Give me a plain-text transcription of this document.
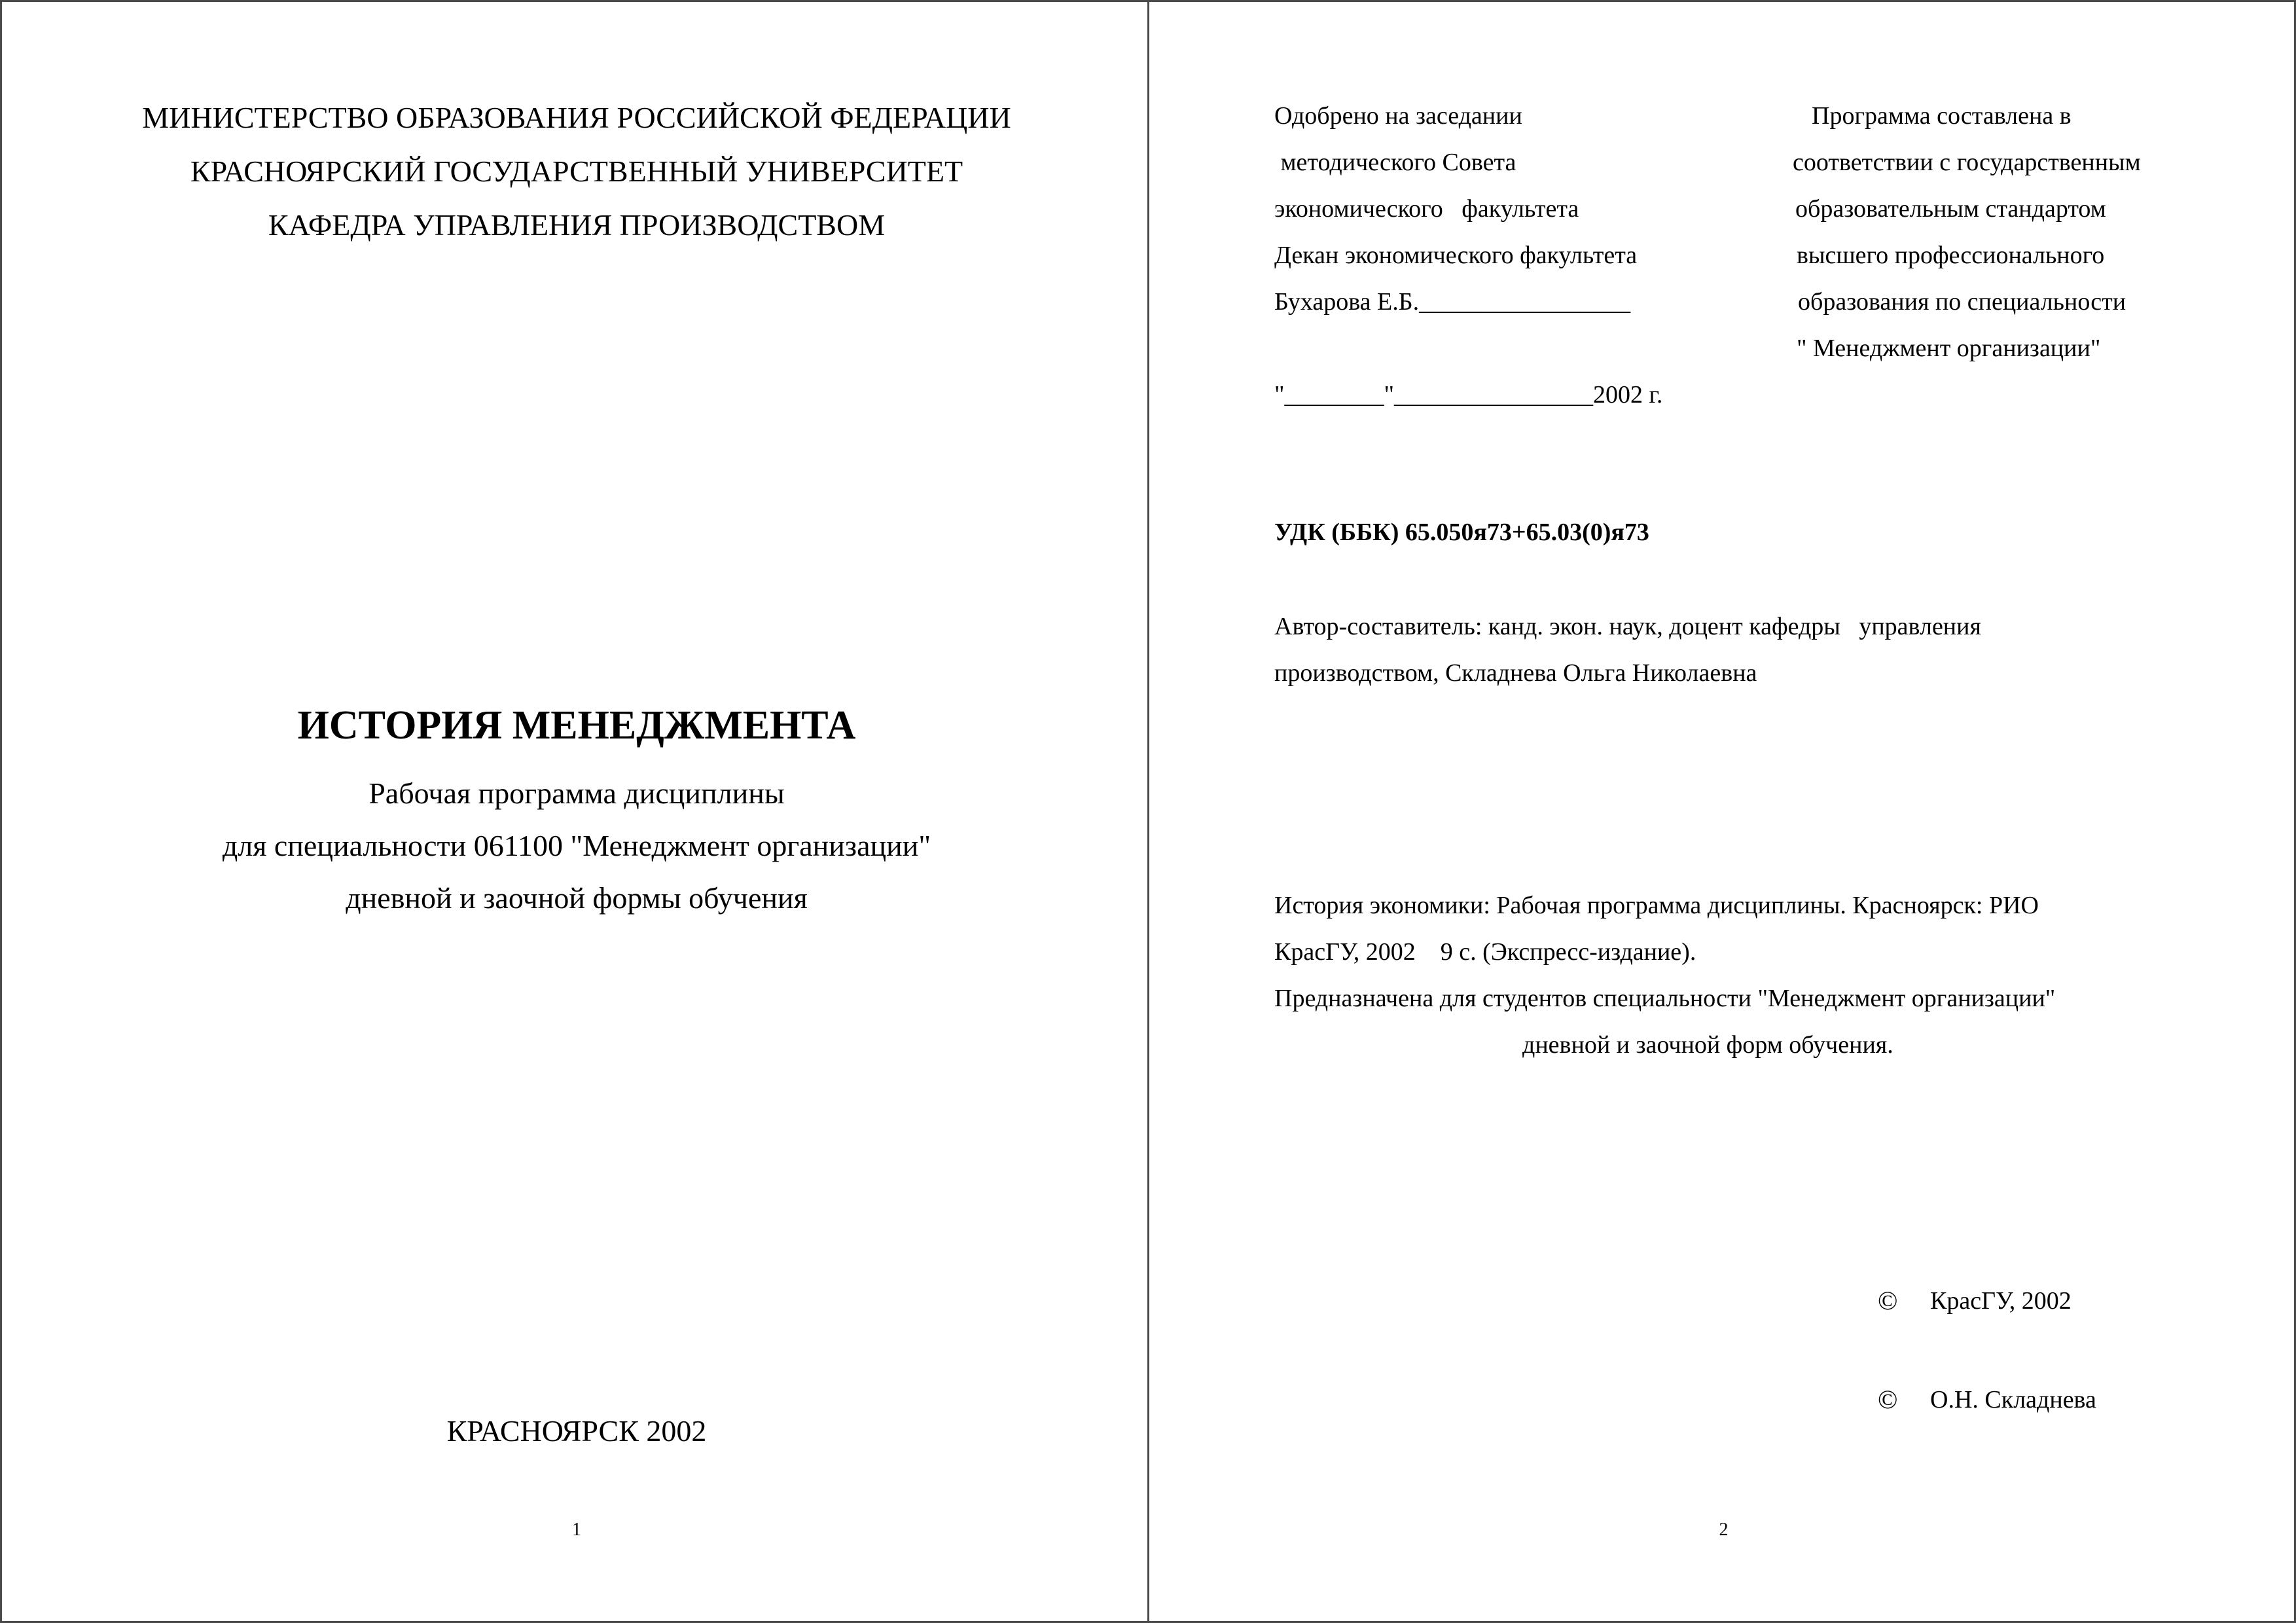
МИНИСТЕРСТВО ОБРАЗОВАНИЯ РОССИЙСКОЙ ФЕДЕРАЦИИ
КРАСНОЯРСКИЙ ГОСУДАРСТВЕННЫЙ УНИВЕРСИТЕТ
КАФЕДРА УПРАВЛЕНИЯ ПРОИЗВОДСТВОМ
ИСТОРИЯ МЕНЕДЖМЕНТА
Рабочая программа дисциплины
для специальности 061100 "Менеджмент организации"
дневной и заочной формы обучения
КРАСНОЯРСК 2002
1
Одобрено на заседании
методического Совета
экономического   факультета
Декан экономического факультета
Бухарова Е.Б._________________
"________"________________2002 г.
Программа составлена в
соответствии с государственным
образовательным стандартом
высшего профессионального
образования по специальности
" Менеджмент организации"
УДК (ББК) 65.050я73+65.03(0)я73
Автор-составитель: канд. экон. наук, доцент кафедры   управления
производством, Складнева Ольга Николаевна
История экономики: Рабочая программа дисциплины. Красноярск: РИО
КрасГУ, 2002    9 с. (Экспресс-издание).
Предназначена для студентов специальности "Менеджмент организации"
дневной и заочной форм обучения.
© КрасГУ, 2002
© О.Н. Складнева
2
